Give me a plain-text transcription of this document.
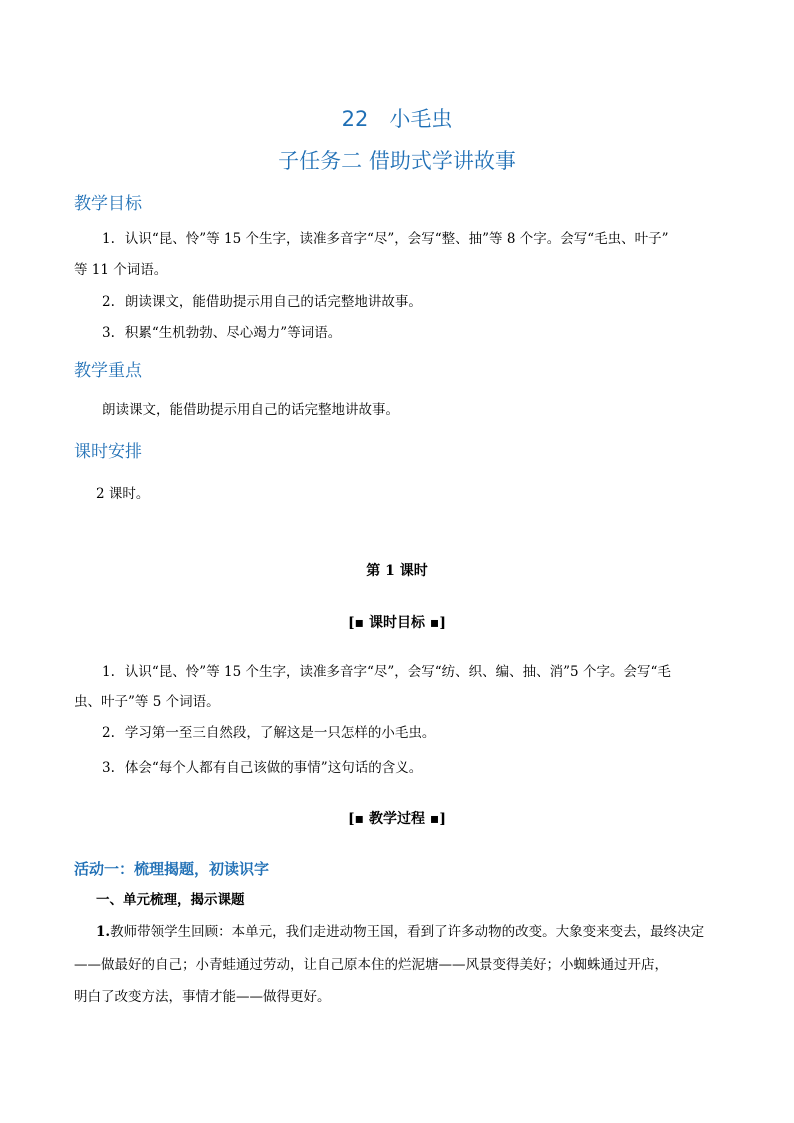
22　小毛虫
子任务二 借助式学讲故事
教学目标
1. 认识“昆、怜”等 15 个生字，读准多音字“尽”，会写“整、抽”等 8 个字。会写“毛虫、叶子”
等 11 个词语。
2. 朗读课文，能借助提示用自己的话完整地讲故事。
3. 积累“生机勃勃、尽心竭力”等词语。
教学重点
朗读课文，能借助提示用自己的话完整地讲故事。
课时安排
2 课时。
第 1 课时
[▪ 课时目标 ▪]
1. 认识“昆、怜”等 15 个生字，读准多音字“尽”，会写“纺、织、编、抽、消”5 个字。会写“毛
虫、叶子”等 5 个词语。
2. 学习第一至三自然段，了解这是一只怎样的小毛虫。
3. 体会“每个人都有自己该做的事情”这句话的含义。
[▪ 教学过程 ▪]
活动一：梳理揭题，初读识字
一、单元梳理，揭示课题
1.教师带领学生回顾：本单元，我们走进动物王国，看到了许多动物的改变。大象变来变去，最终决定
——做最好的自己；小青蛙通过劳动，让自己原本住的烂泥塘——风景变得美好；小蜘蛛通过开店，
明白了改变方法，事情才能——做得更好。
